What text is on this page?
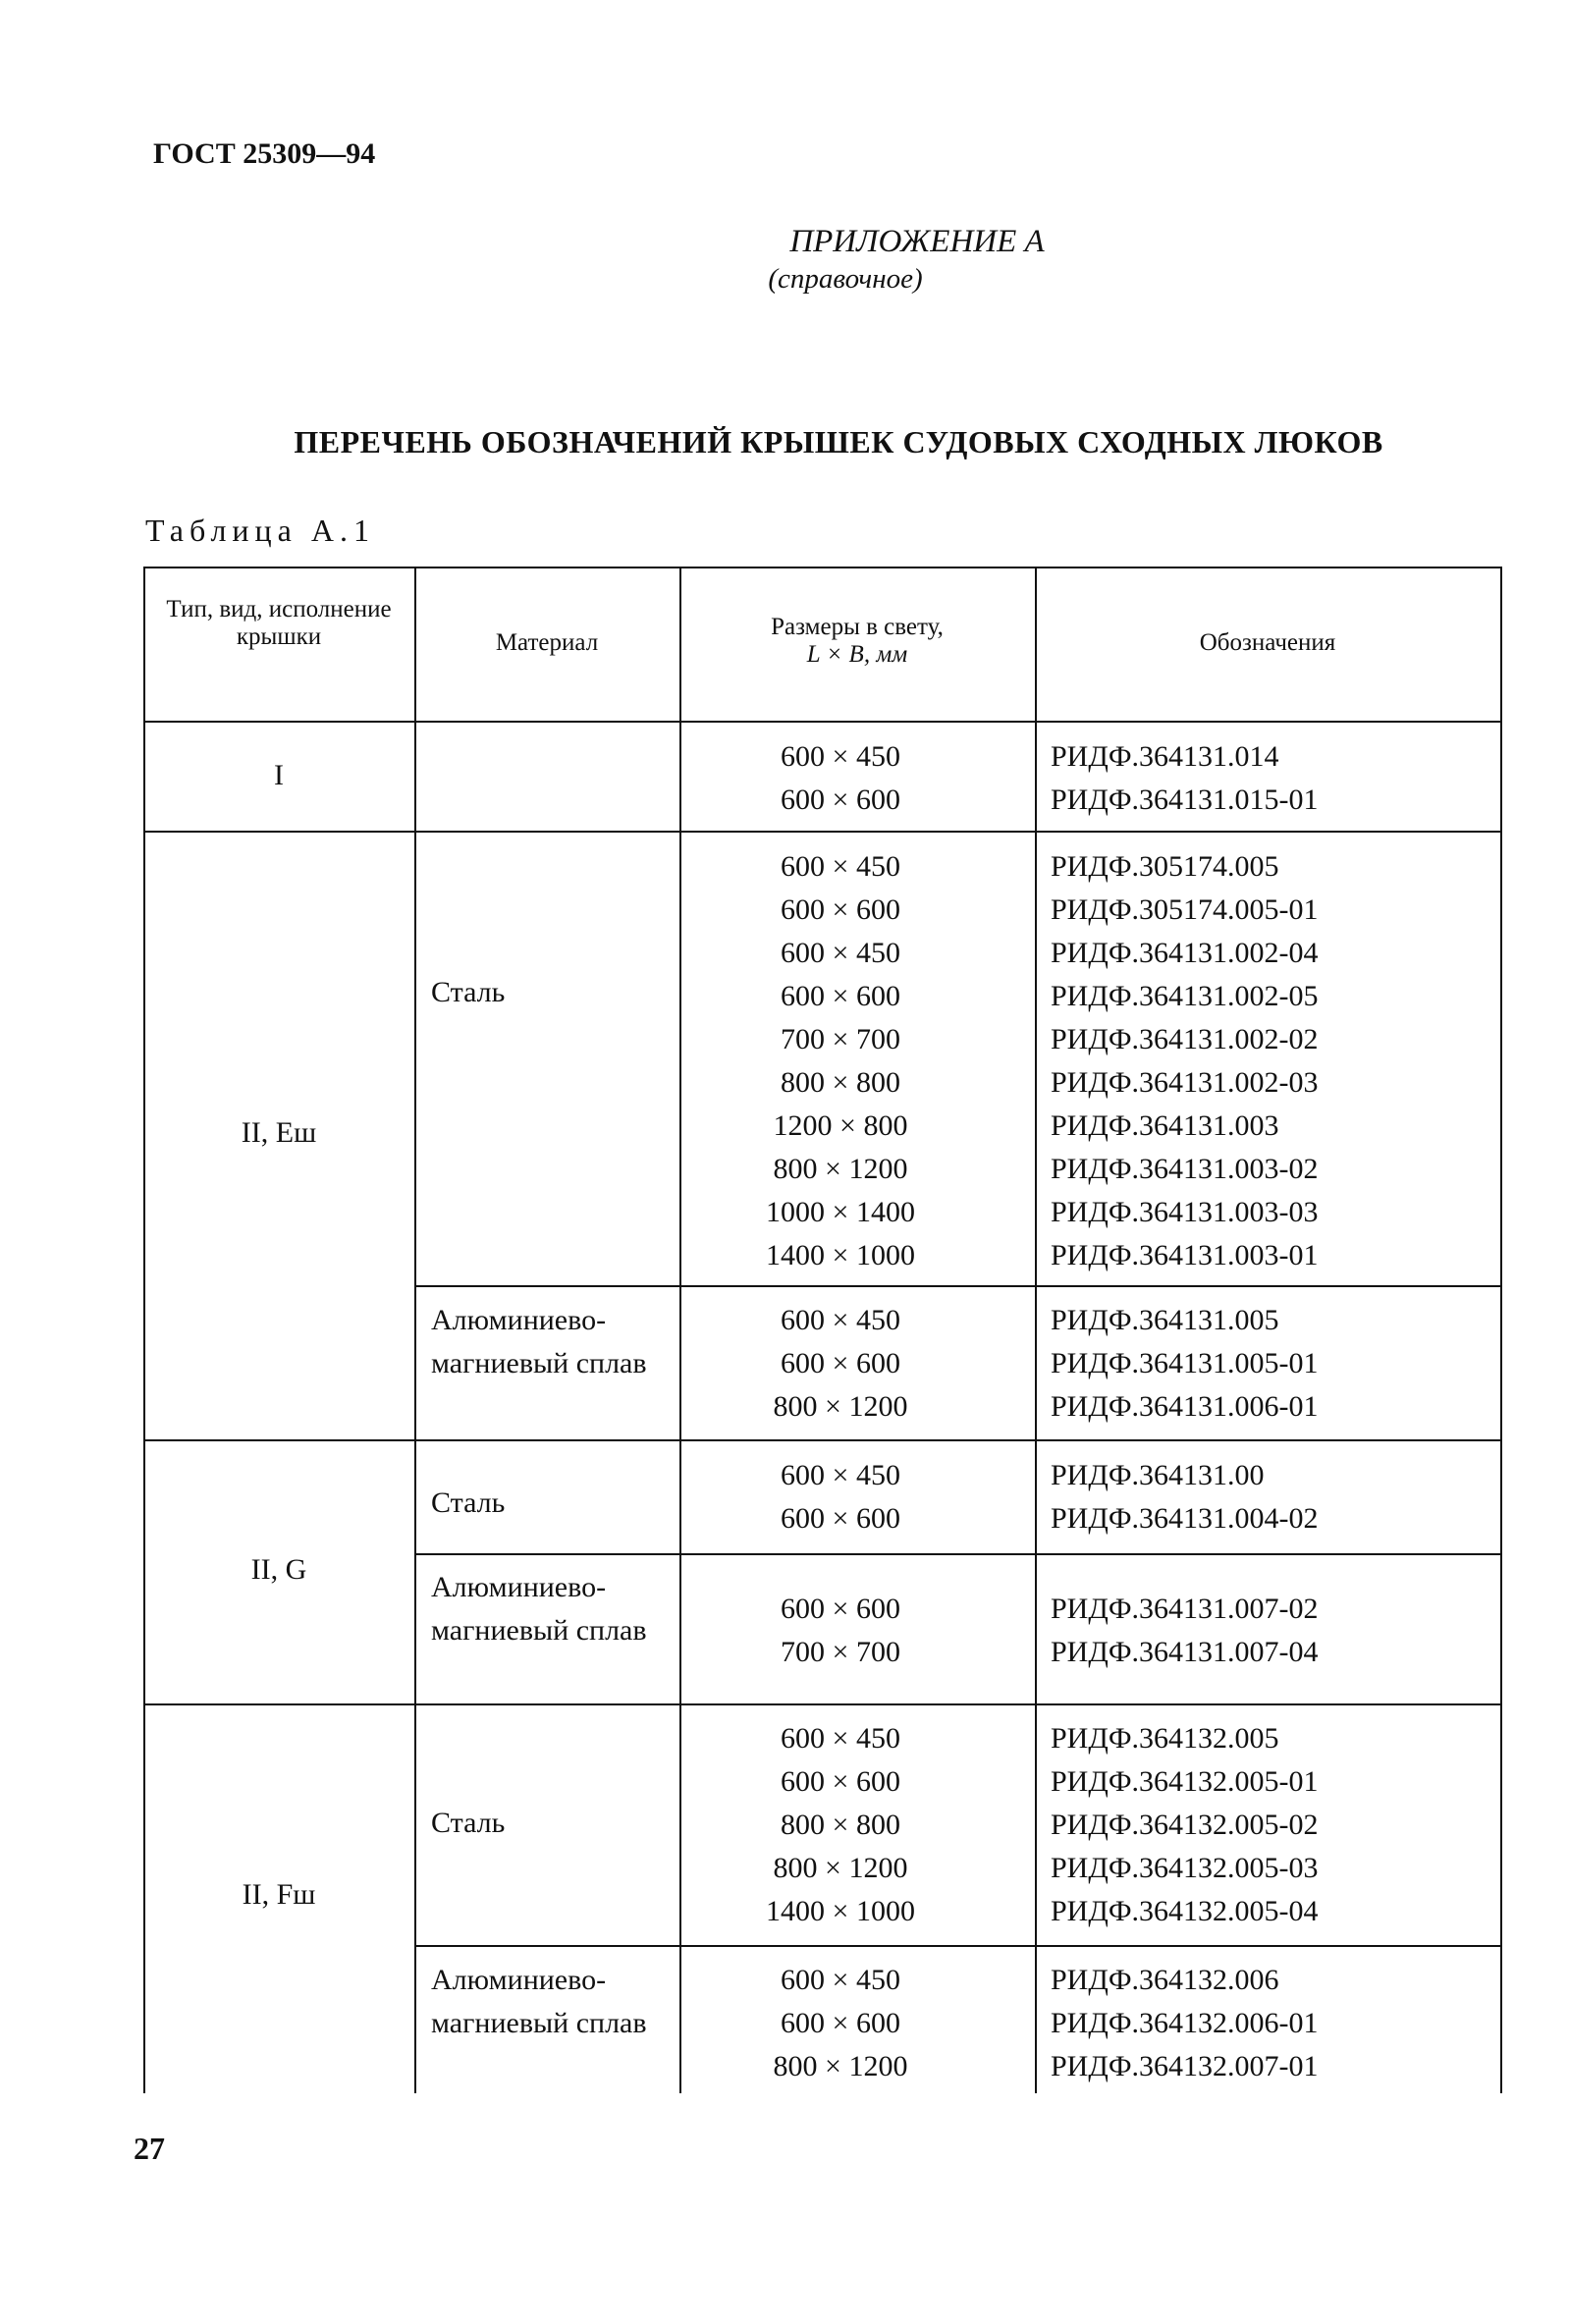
ГОСТ 25309—94
ПРИЛОЖЕНИЕ А
(справочное)
ПЕРЕЧЕНЬ ОБОЗНАЧЕНИЙ КРЫШЕК СУДОВЫХ СХОДНЫХ ЛЮКОВ
Таблица А.1
Тип, вид, исполнение крышки	Материал
Размеры в свету,
L × B, мм	Обозначения
I
II, Еш
II, G
II, Fш
Сталь
Алюминиево-магниевый сплав
Сталь
Алюминиево-магниевый сплав
Сталь
Алюминиево-магниевый сплав
600 × 450
600 × 600
600 × 450
600 × 600
600 × 450
600 × 600
700 × 700
800 × 800
1200 × 800
800 × 1200
1000 × 1400
1400 × 1000
600 × 450
600 × 600
800 × 1200
600 × 450
600 × 600
600 × 600
700 × 700
600 × 450
600 × 600
800 × 800
800 × 1200
1400 × 1000
600 × 450
600 × 600
800 × 1200
РИДФ.364131.014
РИДФ.364131.015-01
РИДФ.305174.005
РИДФ.305174.005-01
РИДФ.364131.002-04
РИДФ.364131.002-05
РИДФ.364131.002-02
РИДФ.364131.002-03
РИДФ.364131.003
РИДФ.364131.003-02
РИДФ.364131.003-03
РИДФ.364131.003-01
РИДФ.364131.005
РИДФ.364131.005-01
РИДФ.364131.006-01
РИДФ.364131.00
РИДФ.364131.004-02
РИДФ.364131.007-02
РИДФ.364131.007-04
РИДФ.364132.005
РИДФ.364132.005-01
РИДФ.364132.005-02
РИДФ.364132.005-03
РИДФ.364132.005-04
РИДФ.364132.006
РИДФ.364132.006-01
РИДФ.364132.007-01
27
